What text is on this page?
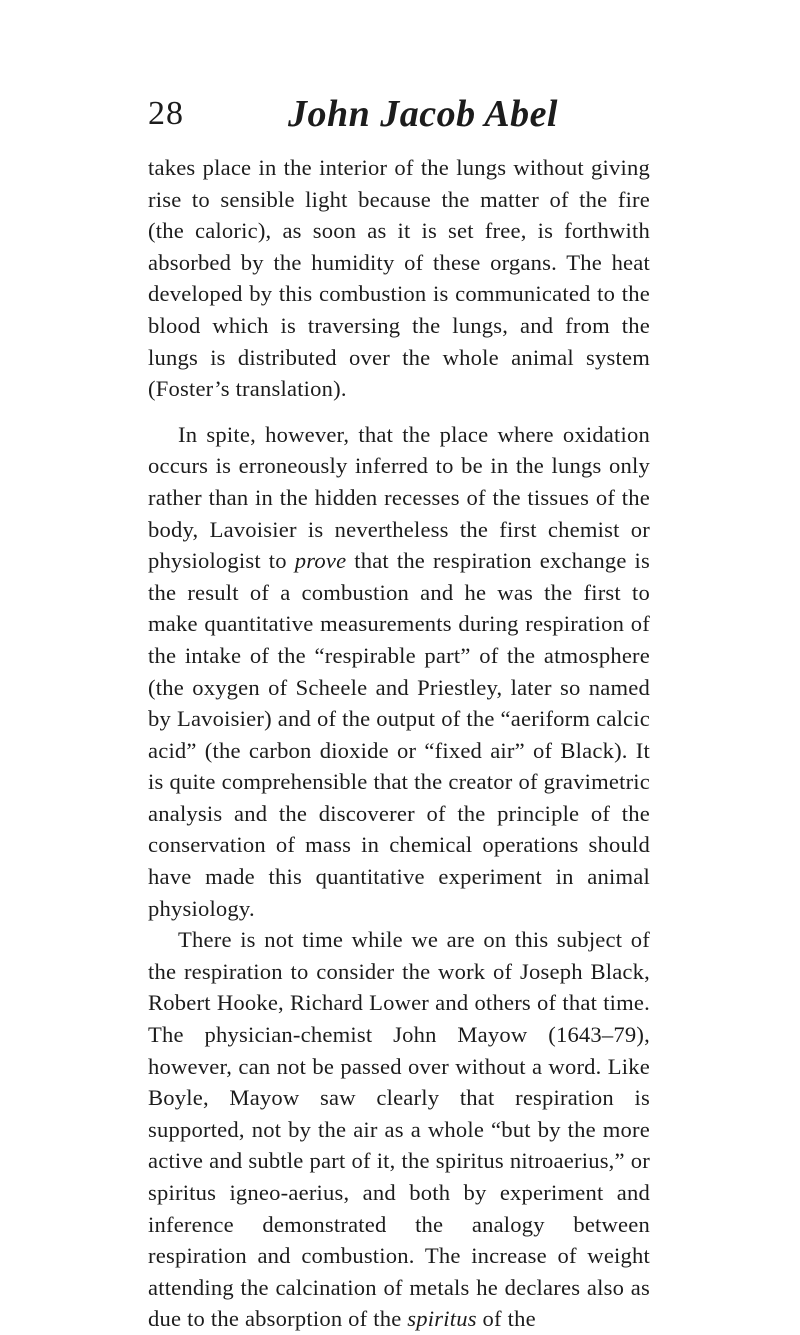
28	John Jacob Abel

takes place in the interior of the lungs without giving rise to sensible light because the matter of the fire (the caloric), as soon as it is set free, is forthwith absorbed by the humidity of these organs. The heat developed by this combustion is communicated to the blood which is traversing the lungs, and from the lungs is distributed over the whole animal system (Foster’s translation).

In spite, however, that the place where oxidation occurs is erroneously inferred to be in the lungs only rather than in the hidden recesses of the tissues of the body, Lavoisier is nevertheless the first chemist or physiologist to prove that the respiration exchange is the result of a combustion and he was the first to make quantitative measurements during respiration of the intake of the “respirable part” of the atmosphere (the oxygen of Scheele and Priestley, later so named by Lavoisier) and of the output of the “aeriform calcic acid” (the carbon dioxide or “fixed air” of Black). It is quite comprehensible that the creator of gravimetric analysis and the discoverer of the principle of the conservation of mass in chemical operations should have made this quantitative experiment in animal physiology.

There is not time while we are on this subject of the respiration to consider the work of Joseph Black, Robert Hooke, Richard Lower and others of that time. The physician-chemist John Mayow (1643–79), however, can not be passed over without a word. Like Boyle, Mayow saw clearly that respiration is supported, not by the air as a whole “but by the more active and subtle part of it, the spiritus nitroaerius,” or spiritus igneo-aerius, and both by experiment and inference demonstrated the analogy between respiration and combustion. The increase of weight attending the calcination of metals he declares also as due to the absorption of the spiritus of the
